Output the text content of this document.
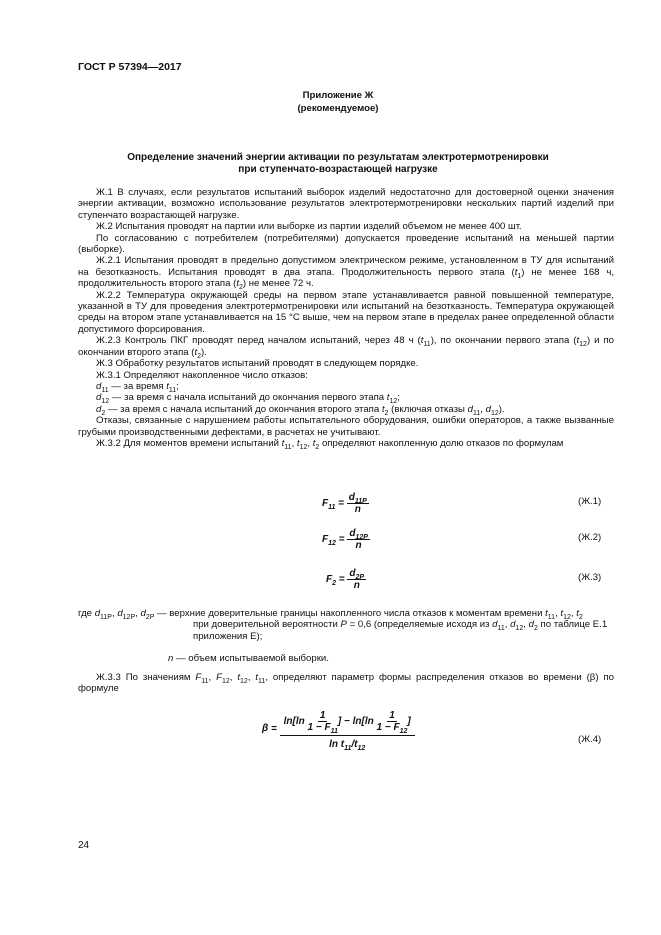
ГОСТ Р 57394—2017
Приложение Ж
(рекомендуемое)
Определение значений энергии активации по результатам электротермотренировки
при ступенчато-возрастающей нагрузке

Ж.1 В случаях, если результатов испытаний выборок изделий недостаточно для достоверной оценки значения энергии активации, возможно использование результатов электротермотренировки нескольких партий изделий при ступенчато возрастающей нагрузке.

Ж.2 Испытания проводят на партии или выборке из партии изделий объемом не менее 400 шт.

По согласованию с потребителем (потребителями) допускается проведение испытаний на меньшей партии (выборке).

Ж.2.1 Испытания проводят в предельно допустимом электрическом режиме, установленном в ТУ для испытаний на безотказность. Испытания проводят в два этапа. Продолжительность первого этапа $(t_1)$ не менее 168 ч, продолжительность второго этапа $(t_2)$ не менее 72 ч.

Ж.2.2 Температура окружающей среды на первом этапе устанавливается равной повышенной температуре, указанной в ТУ для проведения электротермотренировки или испытаний на безотказность. Температура окружающей среды на втором этапе устанавливается на 15 °C выше, чем на первом этапе в пределах ранее определенной области допустимого форсирования.

Ж.2.3 Контроль ПКГ проводят перед началом испытаний, через 48 ч $(t_{11})$, по окончании первого этапа $(t_{12})$ и по окончании второго этапа $(t_2)$.

Ж.3 Обработку результатов испытаний проводят в следующем порядке.

Ж.3.1 Определяют накопленное число отказов:

$d_{11}$ — за время $t_{11}$;

$d_{12}$ — за время с начала испытаний до окончания первого этапа $t_{12}$;

$d_2$ — за время с начала испытаний до окончания второго этапа $t_2$ (включая отказы $d_{11}$, $d_{12}$).

Отказы, связанные с нарушением работы испытательного оборудования, ошибки операторов, а также вызванные грубыми производственными дефектами, в расчетах не учитывают.

Ж.3.2 Для моментов времени испытаний $t_{11}$, $t_{12}$, $t_2$ определяют накопленную долю отказов по формулам

$F_{11} = \frac{d_{11P}}{n}$	(Ж.1)
$F_{12} = \frac{d_{12P}}{n}$	(Ж.2)
$F_2 = \frac{d_{2P}}{n}$	(Ж.3)
где $d_{11P}$, $d_{12P}$, $d_{2P}$ — верхние доверительные границы накопленного числа отказов к моментам времени $t_{11}$, $t_{12}$, $t_2$
при доверительной вероятности P = 0,6 (определяемые исходя из $d_{11}$, $d_{12}$, $d_2$ по таблице Е.1 приложения Е);
n — объем испытываемой выборки.

Ж.3.3 По значениям $F_{11}$, $F_{12}$, $t_{12}$, $t_{11}$, определяют параметр формы распределения отказов во времени (β) по формуле

$\beta = \frac{\ln[\ln \frac{1}{1 - F_{11}} ] - \ln[\ln \frac{1}{1 - F_{12}} ]}{\ln t_{11}/t_{12}}$	(Ж.4)
24
